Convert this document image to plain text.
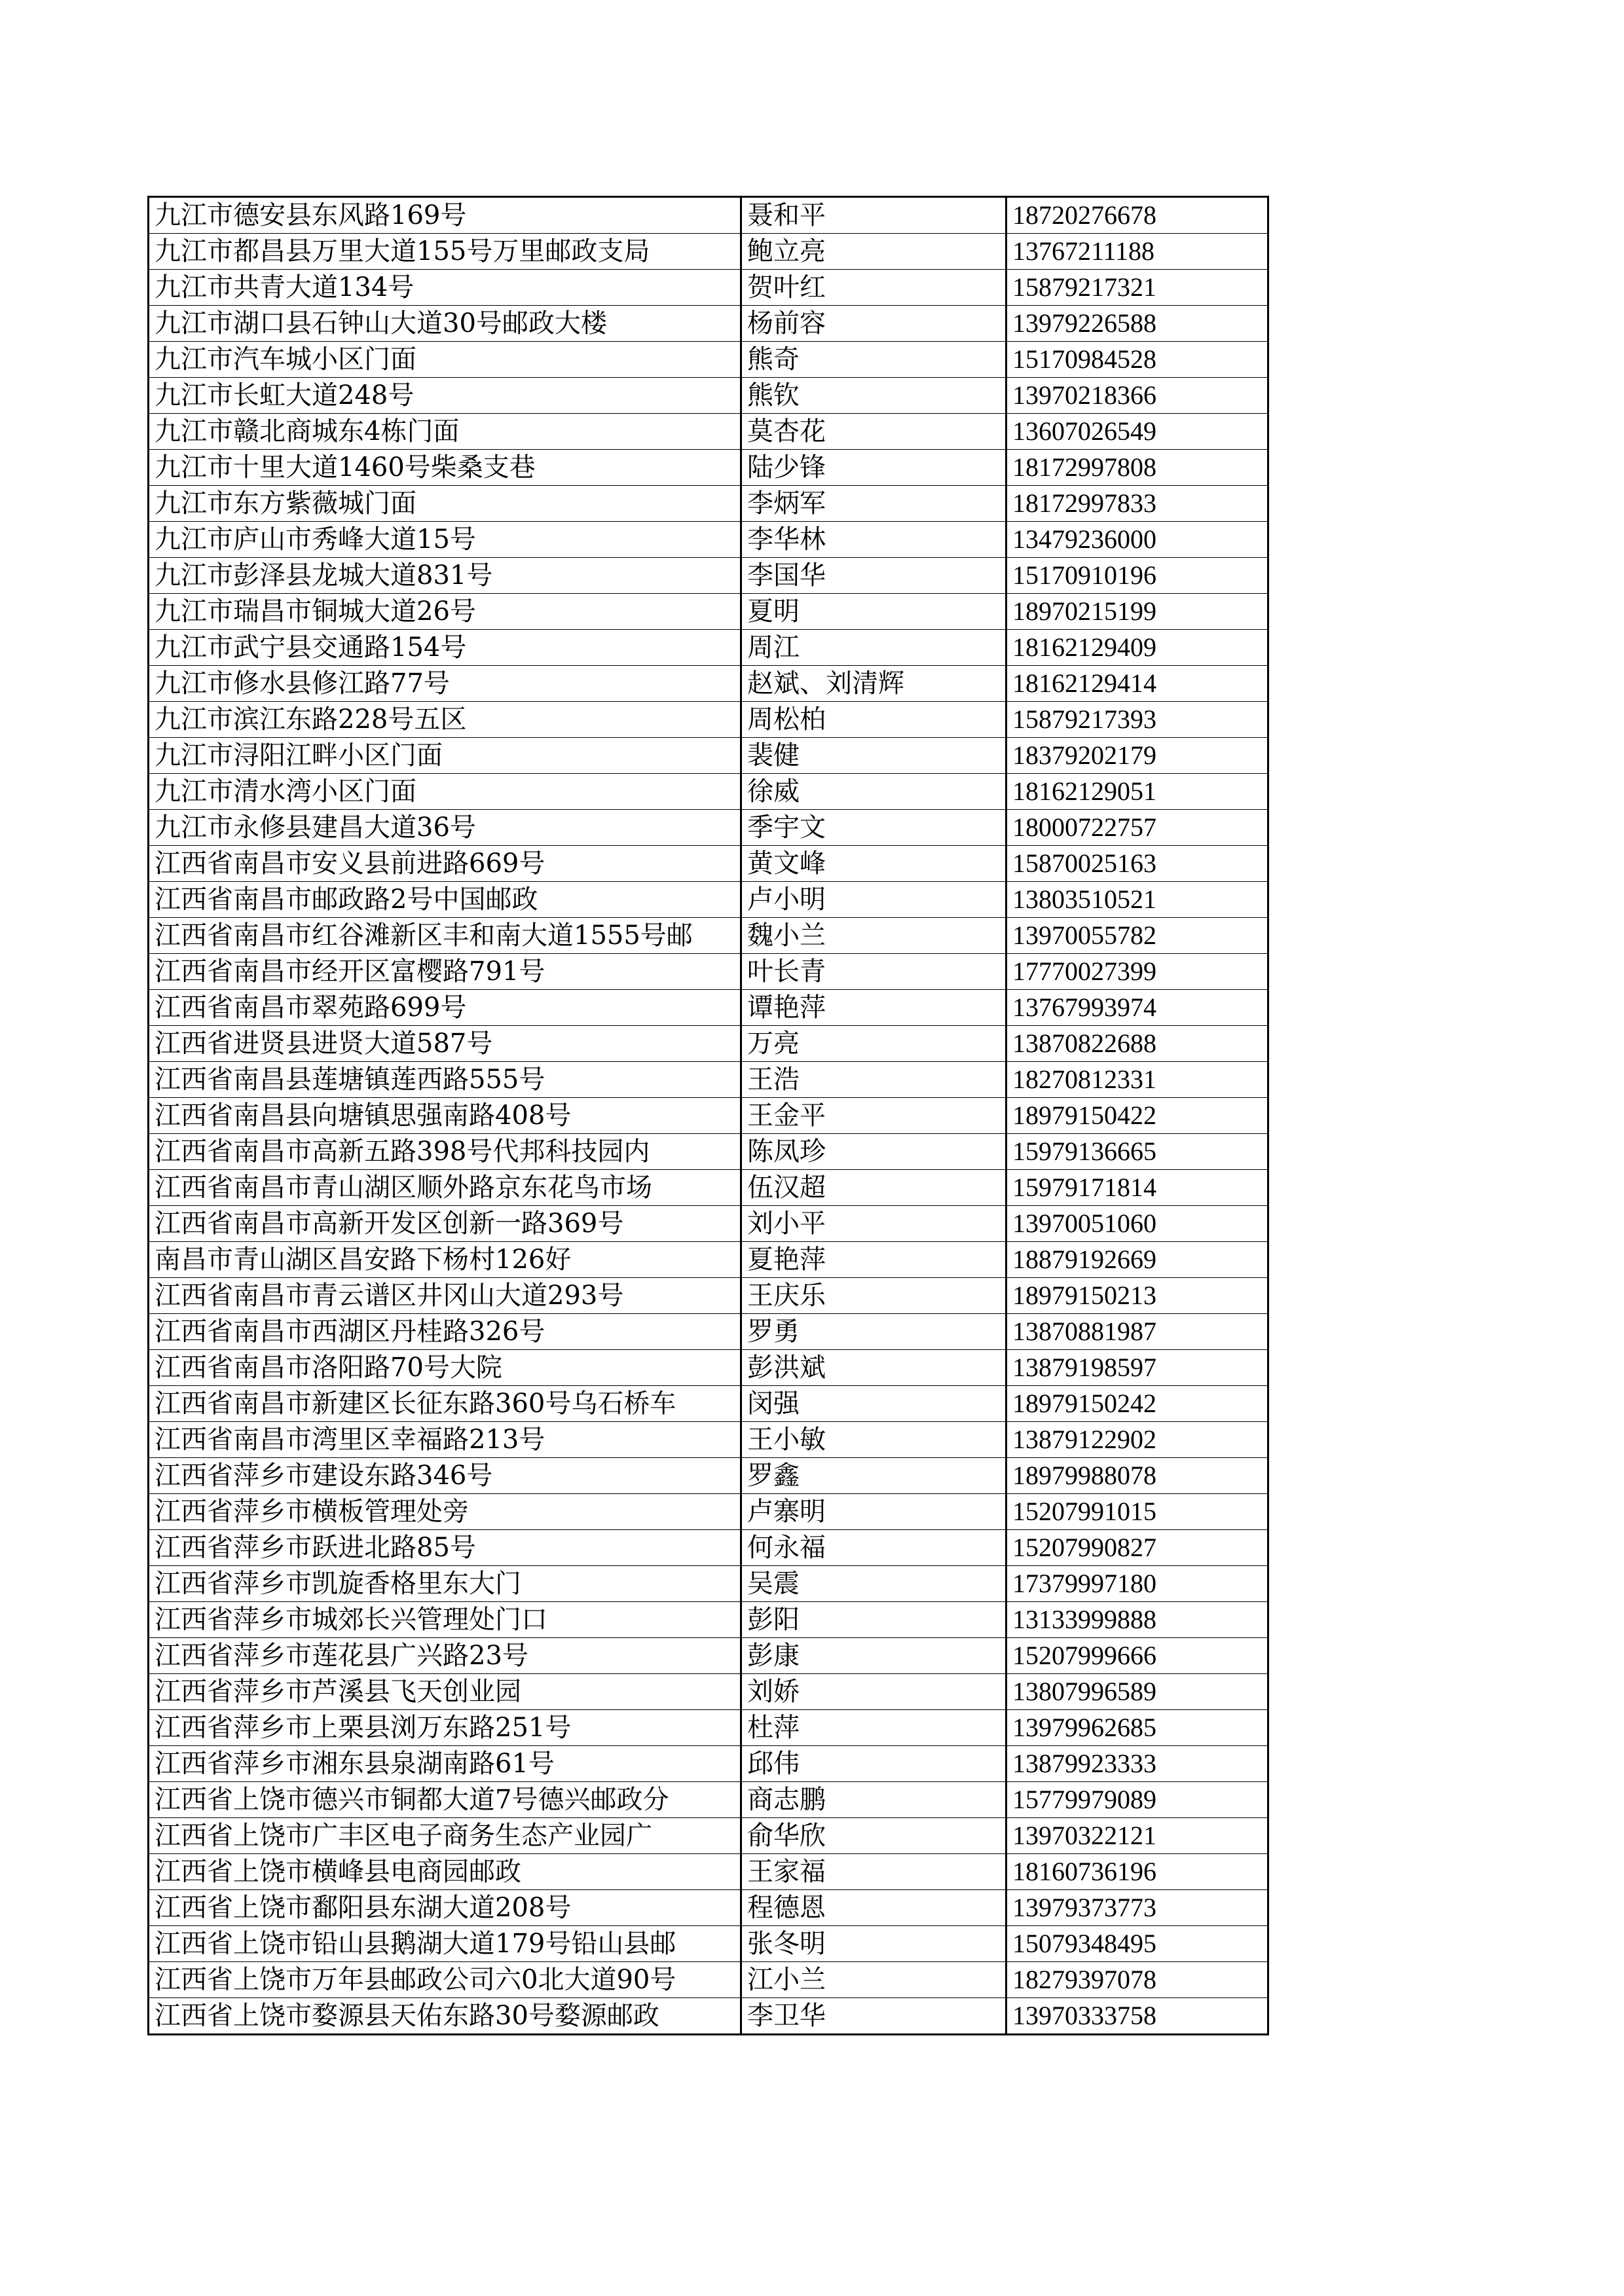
九江市德安县东风路169号	聂和平	18720276678
九江市都昌县万里大道155号万里邮政支局	鲍立亮	13767211188
九江市共青大道134号	贺叶红	15879217321
九江市湖口县石钟山大道30号邮政大楼	杨前容	13979226588
九江市汽车城小区门面	熊奇	15170984528
九江市长虹大道248号	熊钦	13970218366
九江市赣北商城东4栋门面	莫杏花	13607026549
九江市十里大道1460号柴桑支巷	陆少锋	18172997808
九江市东方紫薇城门面	李炳军	18172997833
九江市庐山市秀峰大道15号	李华林	13479236000
九江市彭泽县龙城大道831号	李国华	15170910196
九江市瑞昌市铜城大道26号	夏明	18970215199
九江市武宁县交通路154号	周江	18162129409
九江市修水县修江路77号	赵斌、刘清辉	18162129414
九江市滨江东路228号五区	周松柏	15879217393
九江市浔阳江畔小区门面	裴健	18379202179
九江市清水湾小区门面	徐威	18162129051
九江市永修县建昌大道36号	季宇文	18000722757
江西省南昌市安义县前进路669号	黄文峰	15870025163
江西省南昌市邮政路2号中国邮政	卢小明	13803510521
江西省南昌市红谷滩新区丰和南大道1555号邮	魏小兰	13970055782
江西省南昌市经开区富樱路791号	叶长青	17770027399
江西省南昌市翠苑路699号	谭艳萍	13767993974
江西省进贤县进贤大道587号	万亮	13870822688
江西省南昌县莲塘镇莲西路555号	王浩	18270812331
江西省南昌县向塘镇思强南路408号	王金平	18979150422
江西省南昌市高新五路398号代邦科技园内	陈凤珍	15979136665
江西省南昌市青山湖区顺外路京东花鸟市场	伍汉超	15979171814
江西省南昌市高新开发区创新一路369号	刘小平	13970051060
南昌市青山湖区昌安路下杨村126好	夏艳萍	18879192669
江西省南昌市青云谱区井冈山大道293号	王庆乐	18979150213
江西省南昌市西湖区丹桂路326号	罗勇	13870881987
江西省南昌市洛阳路70号大院	彭洪斌	13879198597
江西省南昌市新建区长征东路360号乌石桥车	闵强	18979150242
江西省南昌市湾里区幸福路213号	王小敏	13879122902
江西省萍乡市建设东路346号	罗鑫	18979988078
江西省萍乡市横板管理处旁	卢寨明	15207991015
江西省萍乡市跃进北路85号	何永福	15207990827
江西省萍乡市凯旋香格里东大门	吴震	17379997180
江西省萍乡市城郊长兴管理处门口	彭阳	13133999888
江西省萍乡市莲花县广兴路23号	彭康	15207999666
江西省萍乡市芦溪县飞天创业园	刘娇	13807996589
江西省萍乡市上栗县浏万东路251号	杜萍	13979962685
江西省萍乡市湘东县泉湖南路61号	邱伟	13879923333
江西省上饶市德兴市铜都大道7号德兴邮政分	商志鹏	15779979089
江西省上饶市广丰区电子商务生态产业园广	俞华欣	13970322121
江西省上饶市横峰县电商园邮政	王家福	18160736196
江西省上饶市鄱阳县东湖大道208号	程德恩	13979373773
江西省上饶市铅山县鹅湖大道179号铅山县邮	张冬明	15079348495
江西省上饶市万年县邮政公司六0北大道90号	江小兰	18279397078
江西省上饶市婺源县天佑东路30号婺源邮政	李卫华	13970333758
